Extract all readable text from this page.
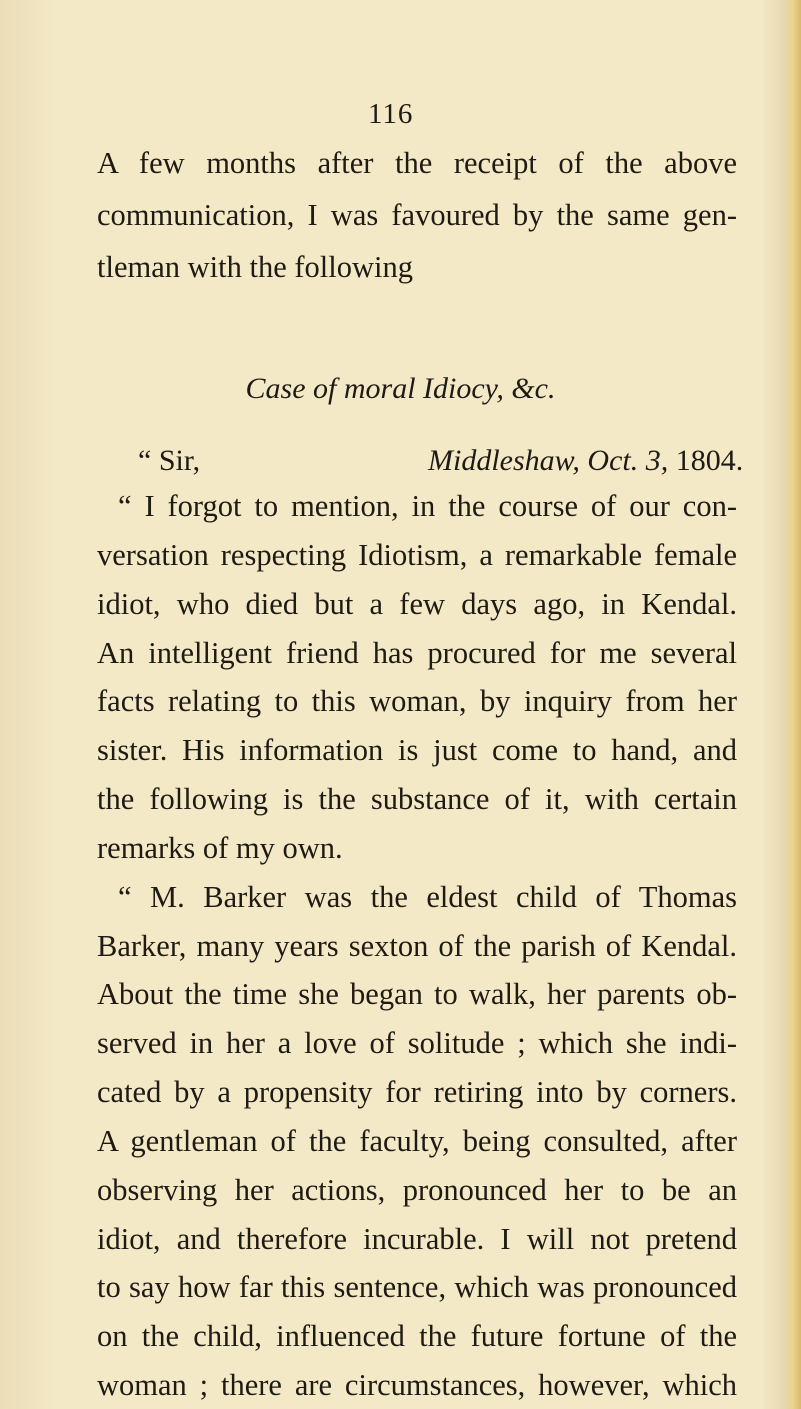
116
A few months after the receipt of the above
communication, I was favoured by the same gen-
tleman with the following
Case of moral Idiocy, &c.
“ Sir,	Middleshaw, Oct. 3, 1804.
“ I forgot to mention, in the course of our con-
versation respecting Idiotism, a remarkable female
idiot, who died but a few days ago, in Kendal.
An intelligent friend has procured for me several
facts relating to this woman, by inquiry from her
sister. His information is just come to hand, and
the following is the substance of it, with certain
remarks of my own.
“ M. Barker was the eldest child of Thomas
Barker, many years sexton of the parish of Kendal.
About the time she began to walk, her parents ob-
served in her a love of solitude ; which she indi-
cated by a propensity for retiring into by corners.
A gentleman of the faculty, being consulted, after
observing her actions, pronounced her to be an
idiot, and therefore incurable. I will not pretend
to say how far this sentence, which was pronounced
on the child, influenced the future fortune of the
woman ; there are circumstances, however, which
